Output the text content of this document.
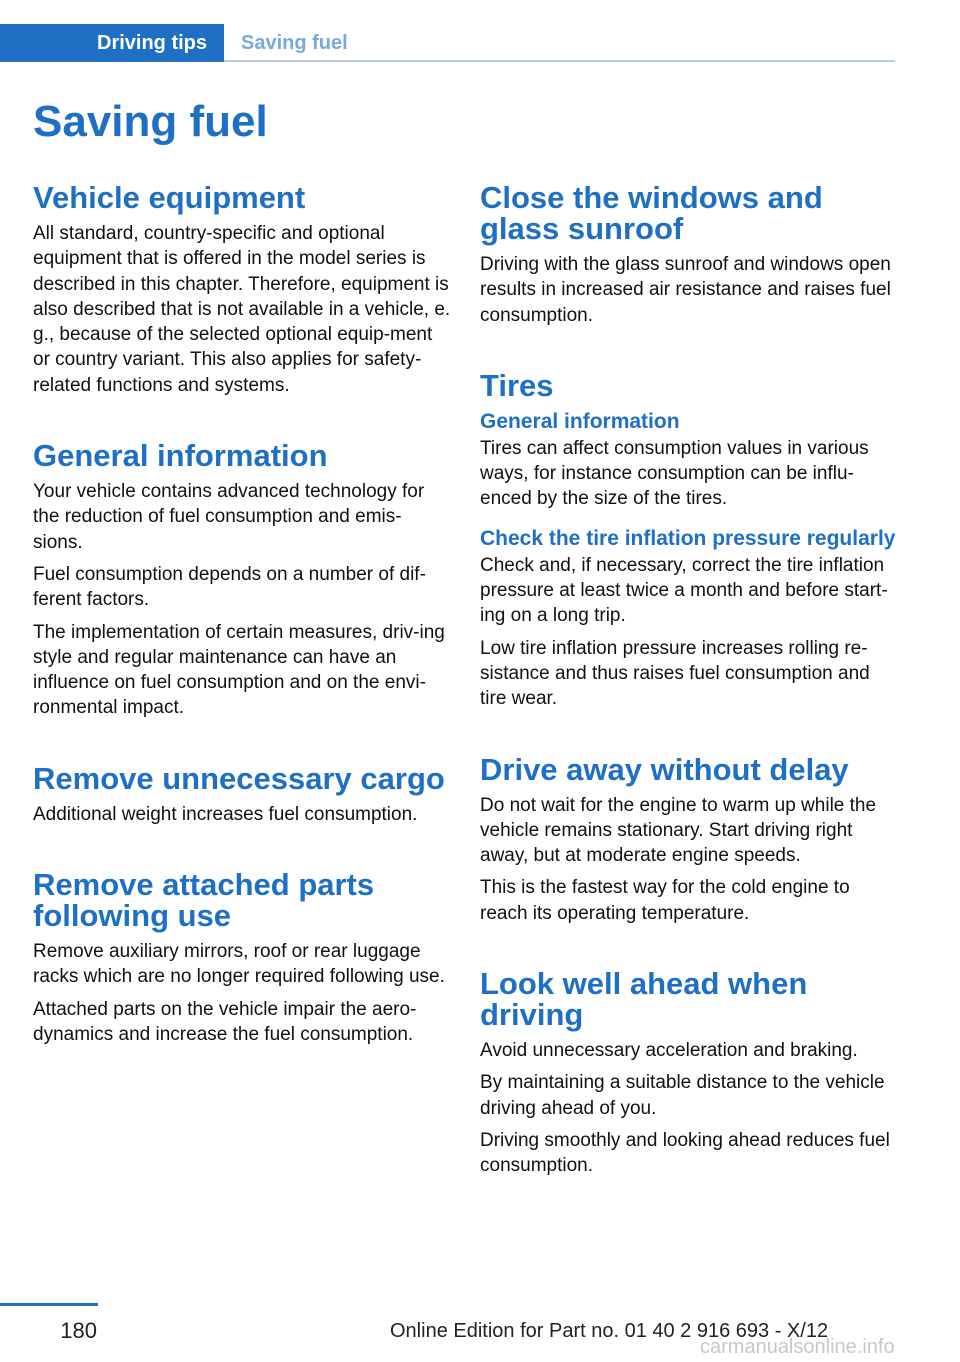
Driving tips	Saving fuel
Saving fuel
Vehicle equipment

All standard, country-specific and optional equipment that is offered in the model series is described in this chapter. Therefore, equipment is also described that is not available in a vehicle, e. g., because of the selected optional equip‐ment or country variant. This also applies for safety-related functions and systems.

General information

Your vehicle contains advanced technology for the reduction of fuel consumption and emis‐sions.

Fuel consumption depends on a number of dif‐ferent factors.

The implementation of certain measures, driv‐ing style and regular maintenance can have an influence on fuel consumption and on the envi‐ronmental impact.

Remove unnecessary cargo

Additional weight increases fuel consumption.

Remove attached parts following use

Remove auxiliary mirrors, roof or rear luggage racks which are no longer required following use.

Attached parts on the vehicle impair the aero‐dynamics and increase the fuel consumption.

Close the windows and glass sunroof

Driving with the glass sunroof and windows open results in increased air resistance and raises fuel consumption.

Tires
General information

Tires can affect consumption values in various ways, for instance consumption can be influ‐enced by the size of the tires.

Check the tire inflation pressure regularly

Check and, if necessary, correct the tire inflation pressure at least twice a month and before start‐ing on a long trip.

Low tire inflation pressure increases rolling re‐sistance and thus raises fuel consumption and tire wear.

Drive away without delay

Do not wait for the engine to warm up while the vehicle remains stationary. Start driving right away, but at moderate engine speeds.

This is the fastest way for the cold engine to reach its operating temperature.

Look well ahead when driving

Avoid unnecessary acceleration and braking.

By maintaining a suitable distance to the vehicle driving ahead of you.

Driving smoothly and looking ahead reduces fuel consumption.

180	Online Edition for Part no. 01 40 2 916 693 - X/12
carmanualsonline.info
